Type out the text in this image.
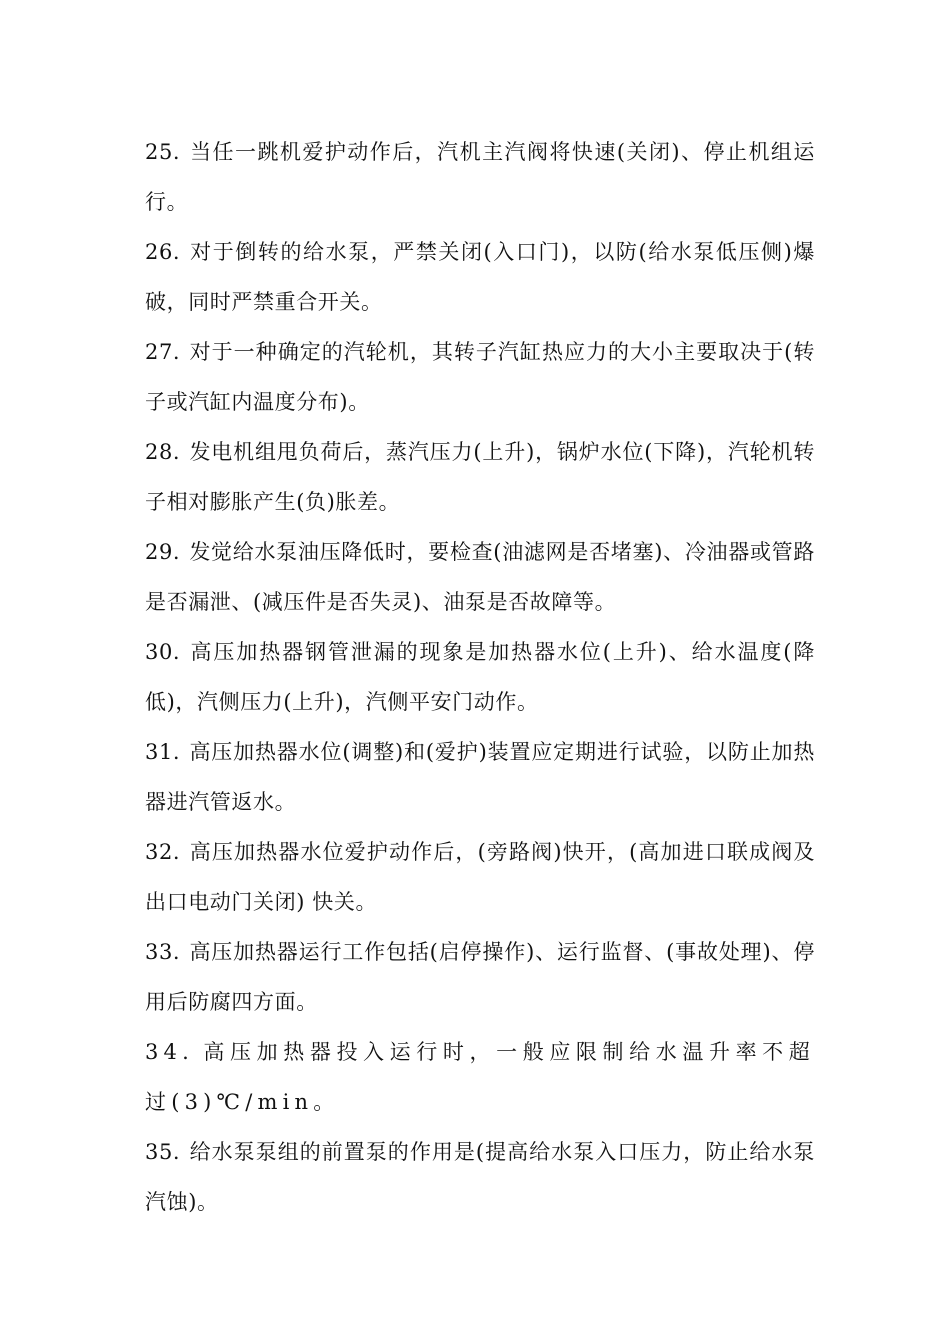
25. 当任一跳机爱护动作后，汽机主汽阀将快速(关闭)、停止机组运行。

26. 对于倒转的给水泵，严禁关闭(入口门)，以防(给水泵低压侧)爆破，同时严禁重合开关。

27. 对于一种确定的汽轮机，其转子汽缸热应力的大小主要取决于(转子或汽缸内温度分布)。

28. 发电机组甩负荷后，蒸汽压力(上升)，锅炉水位(下降)，汽轮机转子相对膨胀产生(负)胀差。

29. 发觉给水泵油压降低时，要检查(油滤网是否堵塞)、冷油器或管路是否漏泄、(减压件是否失灵)、油泵是否故障等。

30. 高压加热器钢管泄漏的现象是加热器水位(上升)、给水温度(降低)，汽侧压力(上升)，汽侧平安门动作。

31. 高压加热器水位(调整)和(爱护)装置应定期进行试验，以防止加热器进汽管返水。

32. 高压加热器水位爱护动作后，(旁路阀)快开，(高加进口联成阀及出口电动门关闭) 快关。

33. 高压加热器运行工作包括(启停操作)、运行监督、(事故处理)、停用后防腐四方面。

34. 高压加热器投入运行时，一般应限制给水温升率不超过(3)℃/min。

35. 给水泵泵组的前置泵的作用是(提高给水泵入口压力，防止给水泵汽蚀)。
